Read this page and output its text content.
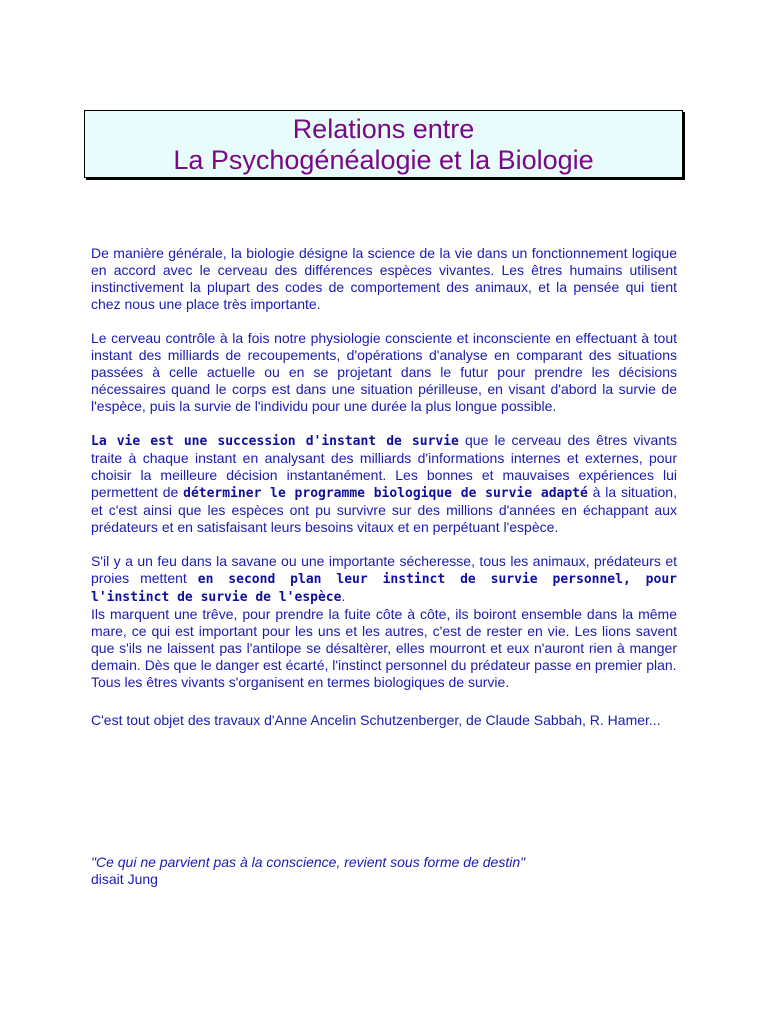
Relations entre
La Psychogénéalogie et la Biologie

De manière générale, la biologie désigne la science de la vie dans un fonctionnement logique en accord avec le cerveau des différences espèces vivantes. Les êtres humains utilisent instinctivement la plupart des codes de comportement des animaux, et la pensée qui tient chez nous une place très importante.

Le cerveau contrôle à la fois notre physiologie consciente et inconsciente en effectuant à tout instant des milliards de recoupements, d'opérations d'analyse en comparant des situations passées à celle actuelle ou en se projetant dans le futur pour prendre les décisions nécessaires quand le corps est dans une situation périlleuse, en visant d'abord la survie de l'espèce, puis la survie de l'individu pour une durée la plus longue possible.

La vie est une succession d'instant de survie que le cerveau des êtres vivants traite à chaque instant en analysant des milliards d'informations internes et externes, pour choisir la meilleure décision instantanément. Les bonnes et mauvaises expériences lui permettent de déterminer le programme biologique de survie adapté à la situation, et c'est ainsi que les espèces ont pu survivre sur des millions d'années en échappant aux prédateurs et en satisfaisant leurs besoins vitaux et en perpétuant l'espèce.

S'il y a un feu dans la savane ou une importante sécheresse, tous les animaux, prédateurs et proies mettent en second plan leur instinct de survie personnel, pour l'instinct de survie de l'espèce.
Ils marquent une trêve, pour prendre la fuite côte à côte, ils boiront ensemble dans la même mare, ce qui est important pour les uns et les autres, c'est de rester en vie. Les lions savent que s'ils ne laissent pas l'antilope se désaltèrer, elles mourront et eux n'auront rien à manger demain. Dès que le danger est écarté, l'instinct personnel du prédateur passe en premier plan.
Tous les êtres vivants s'organisent en termes biologiques de survie.

C'est tout objet des travaux d'Anne Ancelin Schutzenberger, de Claude Sabbah, R. Hamer...

"Ce qui ne parvient pas à la conscience, revient sous forme de destin"
disait Jung
